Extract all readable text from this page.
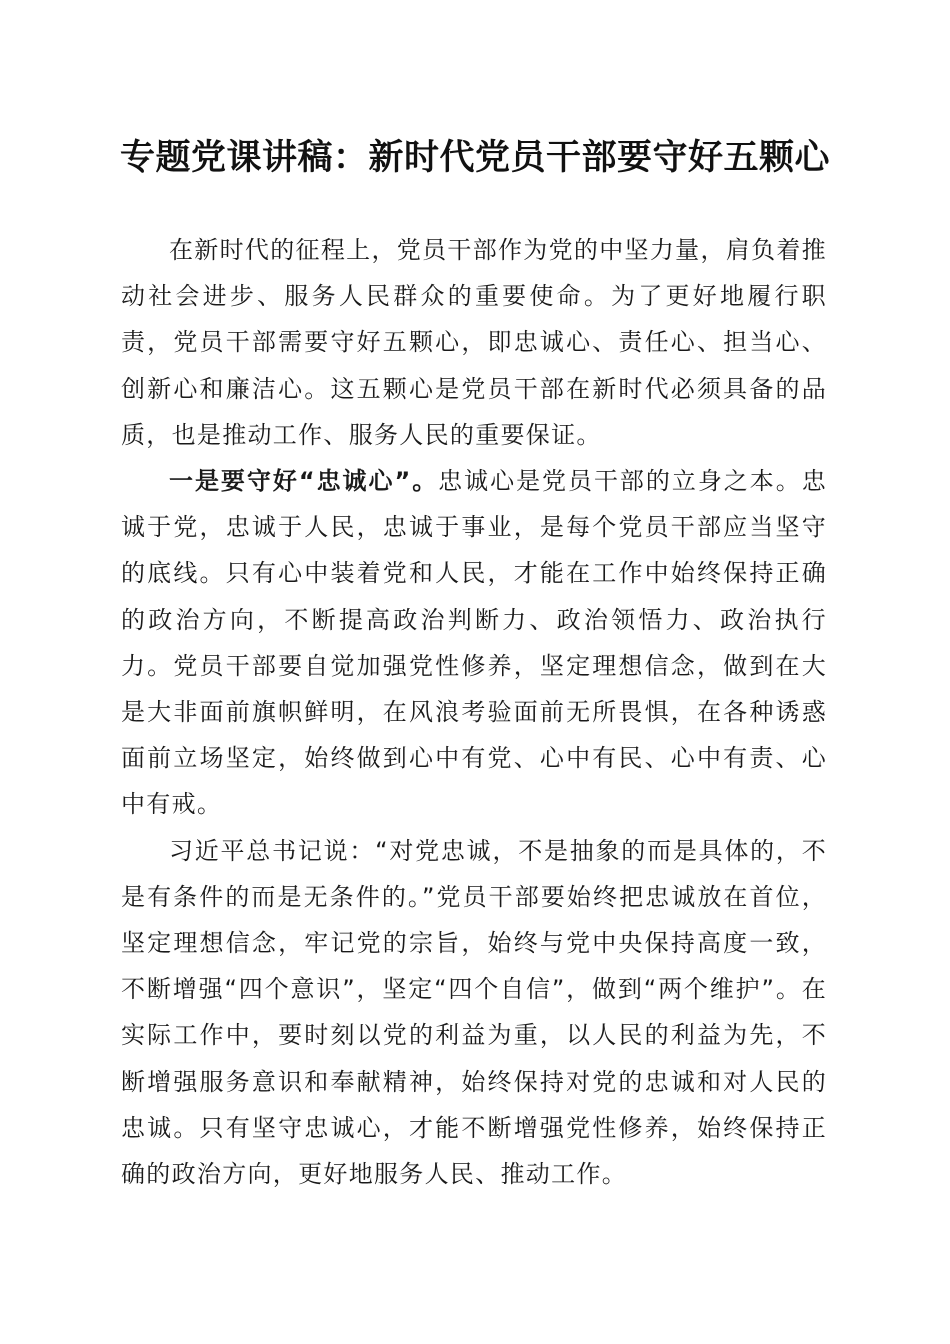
专题党课讲稿：新时代党员干部要守好五颗心

在新时代的征程上，党员干部作为党的中坚力量，肩负着推动社会进步、服务人民群众的重要使命。为了更好地履行职责，党员干部需要守好五颗心，即忠诚心、责任心、担当心、创新心和廉洁心。这五颗心是党员干部在新时代必须具备的品质，也是推动工作、服务人民的重要保证。

一是要守好“忠诚心”。忠诚心是党员干部的立身之本。忠诚于党，忠诚于人民，忠诚于事业，是每个党员干部应当坚守的底线。只有心中装着党和人民，才能在工作中始终保持正确的政治方向，不断提高政治判断力、政治领悟力、政治执行力。党员干部要自觉加强党性修养，坚定理想信念，做到在大是大非面前旗帜鲜明，在风浪考验面前无所畏惧，在各种诱惑面前立场坚定，始终做到心中有党、心中有民、心中有责、心中有戒。

习近平总书记说：“对党忠诚，不是抽象的而是具体的，不是有条件的而是无条件的。”党员干部要始终把忠诚放在首位，坚定理想信念，牢记党的宗旨，始终与党中央保持高度一致，不断增强“四个意识”，坚定“四个自信”，做到“两个维护”。在实际工作中，要时刻以党的利益为重，以人民的利益为先，不断增强服务意识和奉献精神，始终保持对党的忠诚和对人民的忠诚。只有坚守忠诚心，才能不断增强党性修养，始终保持正确的政治方向，更好地服务人民、推动工作。
